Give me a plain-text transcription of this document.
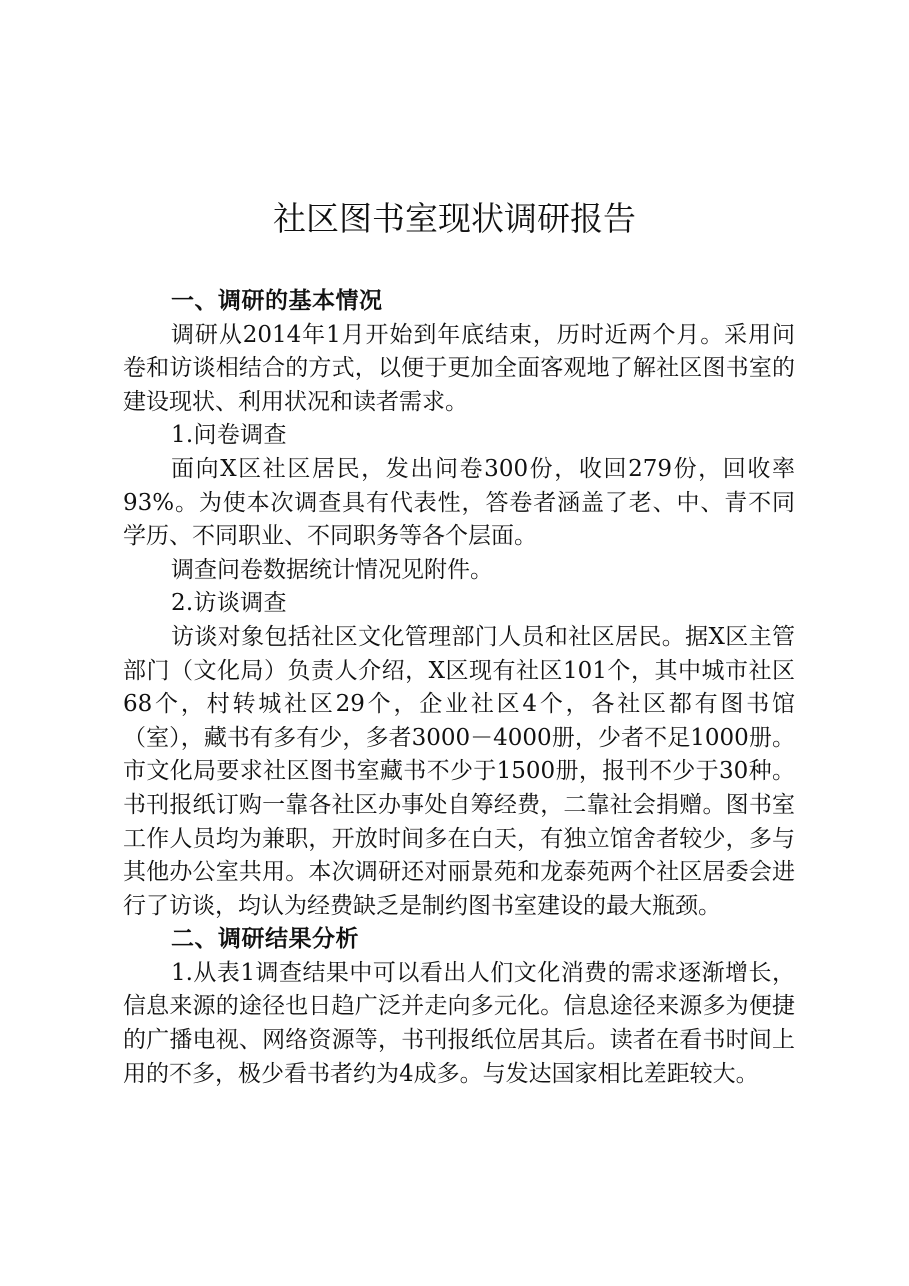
社区图书室现状调研报告

一、调研的基本情况

调研从2014年1月开始到年底结束，历时近两个月。采用问卷和访谈相结合的方式，以便于更加全面客观地了解社区图书室的建设现状、利用状况和读者需求。

1.问卷调查

面向X区社区居民，发出问卷300份，收回279份，回收率93%。为使本次调查具有代表性，答卷者涵盖了老、中、青不同学历、不同职业、不同职务等各个层面。

调查问卷数据统计情况见附件。

2.访谈调查

访谈对象包括社区文化管理部门人员和社区居民。据X区主管部门（文化局）负责人介绍，X区现有社区101个，其中城市社区68个，村转城社区29个，企业社区4个，各社区都有图书馆（室），藏书有多有少，多者3000－4000册，少者不足1000册。市文化局要求社区图书室藏书不少于1500册，报刊不少于30种。书刊报纸订购一靠各社区办事处自筹经费，二靠社会捐赠。图书室工作人员均为兼职，开放时间多在白天，有独立馆舍者较少，多与其他办公室共用。本次调研还对丽景苑和龙泰苑两个社区居委会进行了访谈，均认为经费缺乏是制约图书室建设的最大瓶颈。

二、调研结果分析

1.从表1调查结果中可以看出人们文化消费的需求逐渐增长，信息来源的途径也日趋广泛并走向多元化。信息途径来源多为便捷的广播电视、网络资源等，书刊报纸位居其后。读者在看书时间上用的不多，极少看书者约为4成多。与发达国家相比差距较大。
